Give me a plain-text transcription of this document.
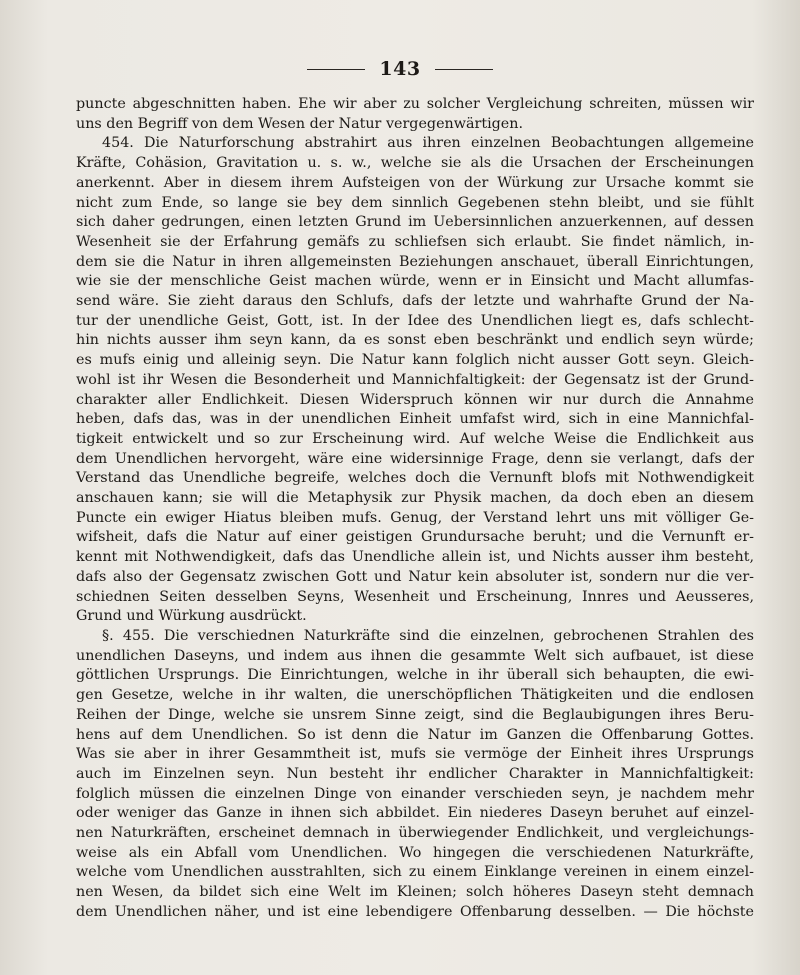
143

puncte abgeschnitten haben. Ehe wir aber zu solcher Vergleichung schreiten, müssen wir
uns den Begriff von dem Wesen der Natur vergegenwärtigen.

454. Die Naturforschung abstrahirt aus ihren einzelnen Beobachtungen allgemeine
Kräfte, Cohäsion, Gravitation u. s. w., welche sie als die Ursachen der Erscheinungen
anerkennt. Aber in diesem ihrem Aufsteigen von der Würkung zur Ursache kommt sie
nicht zum Ende, so lange sie bey dem sinnlich Gegebenen stehn bleibt, und sie fühlt
sich daher gedrungen, einen letzten Grund im Uebersinnlichen anzuerkennen, auf dessen
Wesenheit sie der Erfahrung gemäfs zu schliefsen sich erlaubt. Sie findet nämlich, in-
dem sie die Natur in ihren allgemeinsten Beziehungen anschauet, überall Einrichtungen,
wie sie der menschliche Geist machen würde, wenn er in Einsicht und Macht allumfas-
send wäre. Sie zieht daraus den Schlufs, dafs der letzte und wahrhafte Grund der Na-
tur der unendliche Geist, Gott, ist. In der Idee des Unendlichen liegt es, dafs schlecht-
hin nichts ausser ihm seyn kann, da es sonst eben beschränkt und endlich seyn würde;
es mufs einig und alleinig seyn. Die Natur kann folglich nicht ausser Gott seyn. Gleich-
wohl ist ihr Wesen die Besonderheit und Mannichfaltigkeit: der Gegensatz ist der Grund-
charakter aller Endlichkeit. Diesen Widerspruch können wir nur durch die Annahme
heben, dafs das, was in der unendlichen Einheit umfafst wird, sich in eine Mannichfal-
tigkeit entwickelt und so zur Erscheinung wird. Auf welche Weise die Endlichkeit aus
dem Unendlichen hervorgeht, wäre eine widersinnige Frage, denn sie verlangt, dafs der
Verstand das Unendliche begreife, welches doch die Vernunft blofs mit Nothwendigkeit
anschauen kann; sie will die Metaphysik zur Physik machen, da doch eben an diesem
Puncte ein ewiger Hiatus bleiben mufs. Genug, der Verstand lehrt uns mit völliger Ge-
wifsheit, dafs die Natur auf einer geistigen Grundursache beruht; und die Vernunft er-
kennt mit Nothwendigkeit, dafs das Unendliche allein ist, und Nichts ausser ihm besteht,
dafs also der Gegensatz zwischen Gott und Natur kein absoluter ist, sondern nur die ver-
schiednen Seiten desselben Seyns, Wesenheit und Erscheinung, Innres und Aeusseres,
Grund und Würkung ausdrückt.

§. 455. Die verschiednen Naturkräfte sind die einzelnen, gebrochenen Strahlen des
unendlichen Daseyns, und indem aus ihnen die gesammte Welt sich aufbauet, ist diese
göttlichen Ursprungs. Die Einrichtungen, welche in ihr überall sich behaupten, die ewi-
gen Gesetze, welche in ihr walten, die unerschöpflichen Thätigkeiten und die endlosen
Reihen der Dinge, welche sie unsrem Sinne zeigt, sind die Beglaubigungen ihres Beru-
hens auf dem Unendlichen. So ist denn die Natur im Ganzen die Offenbarung Gottes.
Was sie aber in ihrer Gesammtheit ist, mufs sie vermöge der Einheit ihres Ursprungs
auch im Einzelnen seyn. Nun besteht ihr endlicher Charakter in Mannichfaltigkeit:
folglich müssen die einzelnen Dinge von einander verschieden seyn, je nachdem mehr
oder weniger das Ganze in ihnen sich abbildet. Ein niederes Daseyn beruhet auf einzel-
nen Naturkräften, erscheinet demnach in überwiegender Endlichkeit, und vergleichungs-
weise als ein Abfall vom Unendlichen. Wo hingegen die verschiedenen Naturkräfte,
welche vom Unendlichen ausstrahlten, sich zu einem Einklange vereinen in einem einzel-
nen Wesen, da bildet sich eine Welt im Kleinen; solch höheres Daseyn steht demnach
dem Unendlichen näher, und ist eine lebendigere Offenbarung desselben. — Die höchste
